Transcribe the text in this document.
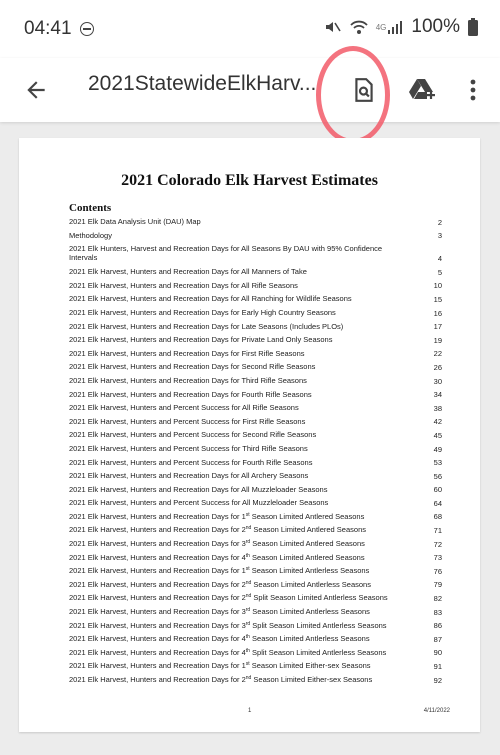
04:41	4G 100%
2021StatewideElkHarv...
2021 Colorado Elk Harvest Estimates
Contents
2021 Elk Data Analysis Unit (DAU) Map	2
Methodology	3
2021 Elk Hunters, Harvest and Recreation Days for All Seasons By DAU with 95% Confidence Intervals	4
2021 Elk Harvest, Hunters and Recreation Days for All Manners of Take	5
2021 Elk Harvest, Hunters and Recreation Days for All Rifle Seasons	10
2021 Elk Harvest, Hunters and Recreation Days for All Ranching for Wildlife Seasons	15
2021 Elk Harvest, Hunters and Recreation Days for Early High Country Seasons	16
2021 Elk Harvest, Hunters and Recreation Days for Late Seasons (Includes PLOs)	17
2021 Elk Harvest, Hunters and Recreation Days for Private Land Only Seasons	19
2021 Elk Harvest, Hunters and Recreation Days for First Rifle Seasons	22
2021 Elk Harvest, Hunters and Recreation Days for Second Rifle Seasons	26
2021 Elk Harvest, Hunters and Recreation Days for Third Rifle Seasons	30
2021 Elk Harvest, Hunters and Recreation Days for Fourth Rifle Seasons	34
2021 Elk Harvest, Hunters and Percent Success for All Rifle Seasons	38
2021 Elk Harvest, Hunters and Percent Success for First Rifle Seasons	42
2021 Elk Harvest, Hunters and Percent Success for Second Rifle Seasons	45
2021 Elk Harvest, Hunters and Percent Success for Third Rifle Seasons	49
2021 Elk Harvest, Hunters and Percent Success for Fourth Rifle Seasons	53
2021 Elk Harvest, Hunters and Recreation Days for All Archery Seasons	56
2021 Elk Harvest, Hunters and Recreation Days for All Muzzleloader Seasons	60
2021 Elk Harvest, Hunters and Percent Success for All Muzzleloader Seasons	64
2021 Elk Harvest, Hunters and Recreation Days for 1st Season Limited Antlered Seasons	68
2021 Elk Harvest, Hunters and Recreation Days for 2nd Season Limited Antlered Seasons	71
2021 Elk Harvest, Hunters and Recreation Days for 3rd Season Limited Antlered Seasons	72
2021 Elk Harvest, Hunters and Recreation Days for 4th Season Limited Antlered Seasons	73
2021 Elk Harvest, Hunters and Recreation Days for 1st Season Limited Antlerless Seasons	76
2021 Elk Harvest, Hunters and Recreation Days for 2nd Season Limited Antlerless Seasons	79
2021 Elk Harvest, Hunters and Recreation Days for 2nd Split Season Limited Antlerless Seasons	82
2021 Elk Harvest, Hunters and Recreation Days for 3rd Season Limited Antlerless Seasons	83
2021 Elk Harvest, Hunters and Recreation Days for 3rd Split Season Limited Antlerless Seasons	86
2021 Elk Harvest, Hunters and Recreation Days for 4th Season Limited Antlerless Seasons	87
2021 Elk Harvest, Hunters and Recreation Days for 4th Split Season Limited Antlerless Seasons	90
2021 Elk Harvest, Hunters and Recreation Days for 1st Season Limited Either-sex Seasons	91
2021 Elk Harvest, Hunters and Recreation Days for 2nd Season Limited Either-sex Seasons	92
1	4/11/2022
